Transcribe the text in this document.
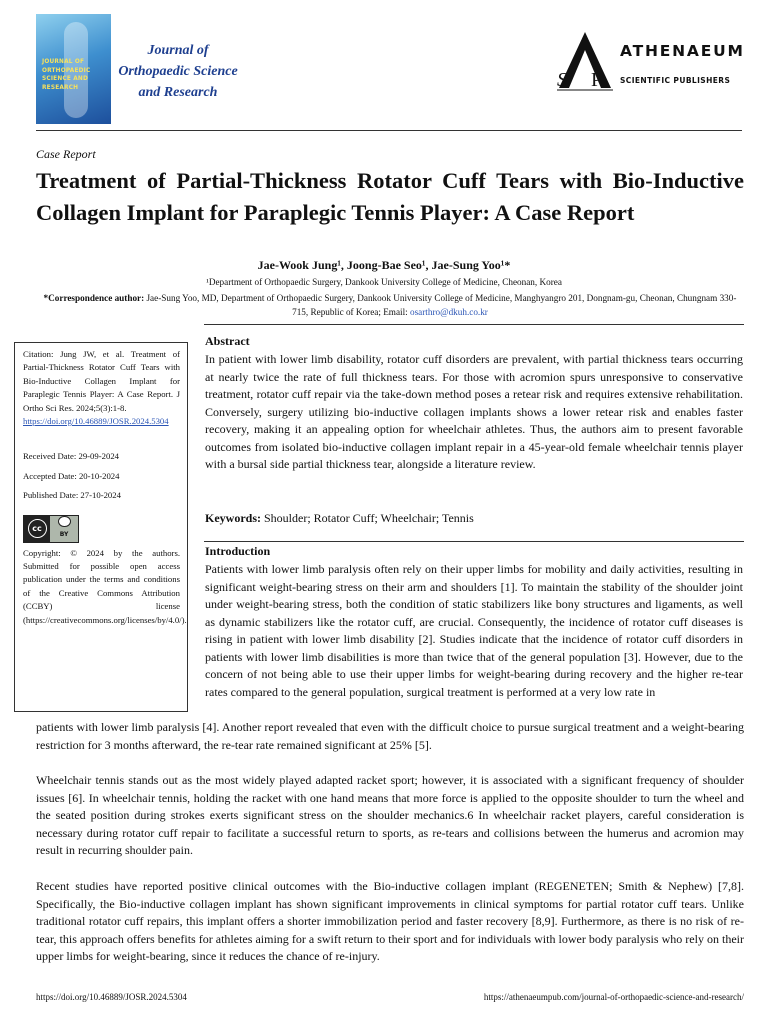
JOURNAL OF ORTHOPAEDIC SCIENCE AND RESEARCH
Journal of
Orthopaedic Science
and Research
S P
ATHENAEUM
SCIENTIFIC PUBLISHERS
Case Report
Treatment of Partial-Thickness Rotator Cuff Tears with Bio-Inductive Collagen Implant for Paraplegic Tennis Player: A Case Report
Jae-Wook Jung¹, Joong-Bae Seo¹, Jae-Sung Yoo¹*
¹Department of Orthopaedic Surgery, Dankook University College of Medicine, Cheonan, Korea
*Correspondence author: Jae-Sung Yoo, MD, Department of Orthopaedic Surgery, Dankook University College of Medicine, Manghyangro 201, Dongnam-gu, Cheonan, Chungnam 330-715, Republic of Korea; Email: osarthro@dkuh.co.kr
Citation: Jung JW, et al. Treatment of Partial-Thickness Rotator Cuff Tears with Bio-Inductive Collagen Implant for Paraplegic Tennis Player: A Case Report. J Ortho Sci Res. 2024;5(3):1-8.
https://doi.org/10.46889/JOSR.2024.5304
Received Date: 29-09-2024
Accepted Date: 20-10-2024
Published Date: 27-10-2024
cc
BY
Copyright: © 2024 by the authors. Submitted for possible open access publication under the terms and conditions of the Creative Commons Attribution (CCBY) license (https://creativecommons.org/licenses/by/4.0/).
Abstract
In patient with lower limb disability, rotator cuff disorders are prevalent, with partial thickness tears occurring at nearly twice the rate of full thickness tears. For those with acromion spurs unresponsive to conservative treatment, rotator cuff repair via the take-down method poses a retear risk and requires extensive rehabilitation. Conversely, surgery utilizing bio-inductive collagen implants shows a lower retear risk and enables faster recovery, making it an appealing option for wheelchair athletes. Thus, the authors aim to present favorable outcomes from isolated bio-inductive collagen implant repair in a 45-year-old female wheelchair tennis player with a bursal side partial thickness tear, alongside a literature review.
Keywords: Shoulder; Rotator Cuff; Wheelchair; Tennis
Introduction
Patients with lower limb paralysis often rely on their upper limbs for mobility and daily activities, resulting in significant weight-bearing stress on their arm and shoulders [1]. To maintain the stability of the shoulder joint under weight-bearing stress, both the condition of static stabilizers like bony structures and ligaments, as well as dynamic stabilizers like the rotator cuff, are crucial. Consequently, the incidence of rotator cuff diseases is rising in patient with lower limb disability [2]. Studies indicate that the incidence of rotator cuff disorders in patients with lower limb disabilities is more than twice that of the general population [3]. However, due to the concern of not being able to use their upper limbs for weight-bearing during recovery and the higher re-tear rates compared to the general population, surgical treatment is performed at a very low rate in
patients with lower limb paralysis [4]. Another report revealed that even with the difficult choice to pursue surgical treatment and a weight-bearing restriction for 3 months afterward, the re-tear rate remained significant at 25% [5].
Wheelchair tennis stands out as the most widely played adapted racket sport; however, it is associated with a significant frequency of shoulder issues [6]. In wheelchair tennis, holding the racket with one hand means that more force is applied to the opposite shoulder to turn the wheel and the seated position during strokes exerts significant stress on the shoulder mechanics.6 In wheelchair racket players, careful consideration is necessary during rotator cuff repair to facilitate a successful return to sports, as re-tears and collisions between the humerus and acromion may result in recurring shoulder pain.
Recent studies have reported positive clinical outcomes with the Bio-inductive collagen implant (REGENETEN; Smith & Nephew) [7,8]. Specifically, the Bio-inductive collagen implant has shown significant improvements in clinical symptoms for partial rotator cuff tears. Unlike traditional rotator cuff repairs, this implant offers a shorter immobilization period and faster recovery [8,9]. Furthermore, as there is no risk of re-tear, this approach offers benefits for athletes aiming for a swift return to their sport and for individuals with lower body paralysis who rely on their upper limbs for weight-bearing, since it reduces the chance of re-injury.
https://doi.org/10.46889/JOSR.2024.5304	https://athenaeumpub.com/journal-of-orthopaedic-science-and-research/
